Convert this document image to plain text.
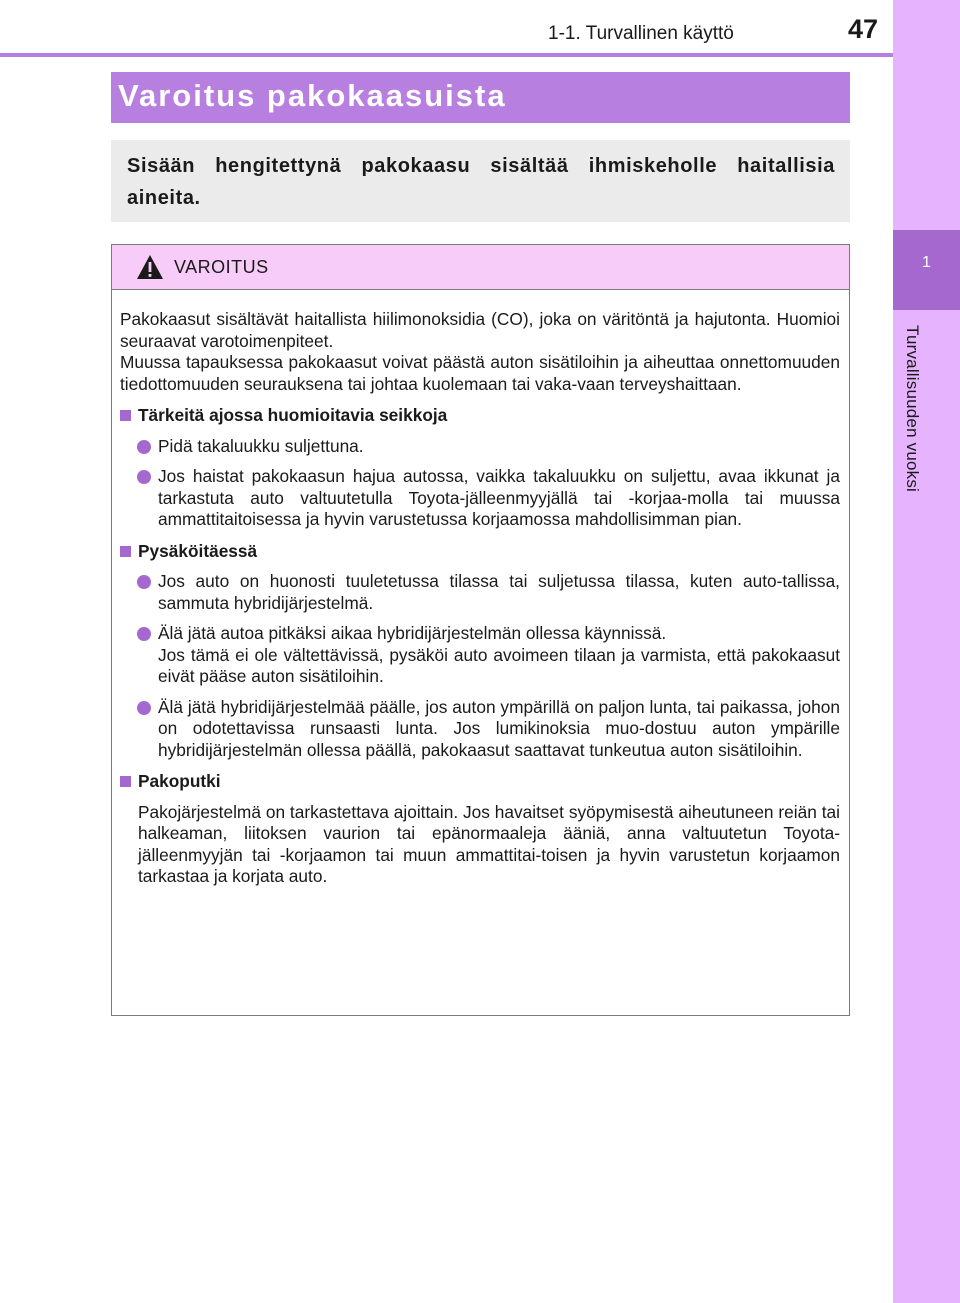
1-1. Turvallinen käyttö	47
1
Turvallisuuden vuoksi
Varoitus pakokaasuista
Sisään hengitettynä pakokaasu sisältää ihmiskeholle haitallisia aineita.
VAROITUS

Pakokaasut sisältävät haitallista hiilimonoksidia (CO), joka on väritöntä ja hajutonta. Huomioi seuraavat varotoimenpiteet.

Muussa tapauksessa pakokaasut voivat päästä auton sisätiloihin ja aiheuttaa onnettomuuden tiedottomuuden seurauksena tai johtaa kuolemaan tai vaka-vaan terveyshaittaan.

Tärkeitä ajossa huomioitavia seikkoja
Pidä takaluukku suljettuna.
Jos haistat pakokaasun hajua autossa, vaikka takaluukku on suljettu, avaa ikkunat ja tarkastuta auto valtuutetulla Toyota-jälleenmyyjällä tai -korjaa-molla tai muussa ammattitaitoisessa ja hyvin varustetussa korjaamossa mahdollisimman pian.
Pysäköitäessä
Jos auto on huonosti tuuletetussa tilassa tai suljetussa tilassa, kuten auto-tallissa, sammuta hybridijärjestelmä.
Älä jätä autoa pitkäksi aikaa hybridijärjestelmän ollessa käynnissä.
Jos tämä ei ole vältettävissä, pysäköi auto avoimeen tilaan ja varmista, että pakokaasut eivät pääse auton sisätiloihin.
Älä jätä hybridijärjestelmää päälle, jos auton ympärillä on paljon lunta, tai paikassa, johon on odotettavissa runsaasti lunta. Jos lumikinoksia muo-dostuu auton ympärille hybridijärjestelmän ollessa päällä, pakokaasut saattavat tunkeutua auton sisätiloihin.
Pakoputki
Pakojärjestelmä on tarkastettava ajoittain. Jos havaitset syöpymisestä aiheutuneen reiän tai halkeaman, liitoksen vaurion tai epänormaaleja ääniä, anna valtuutetun Toyota-jälleenmyyjän tai -korjaamon tai muun ammattitai-toisen ja hyvin varustetun korjaamon tarkastaa ja korjata auto.
